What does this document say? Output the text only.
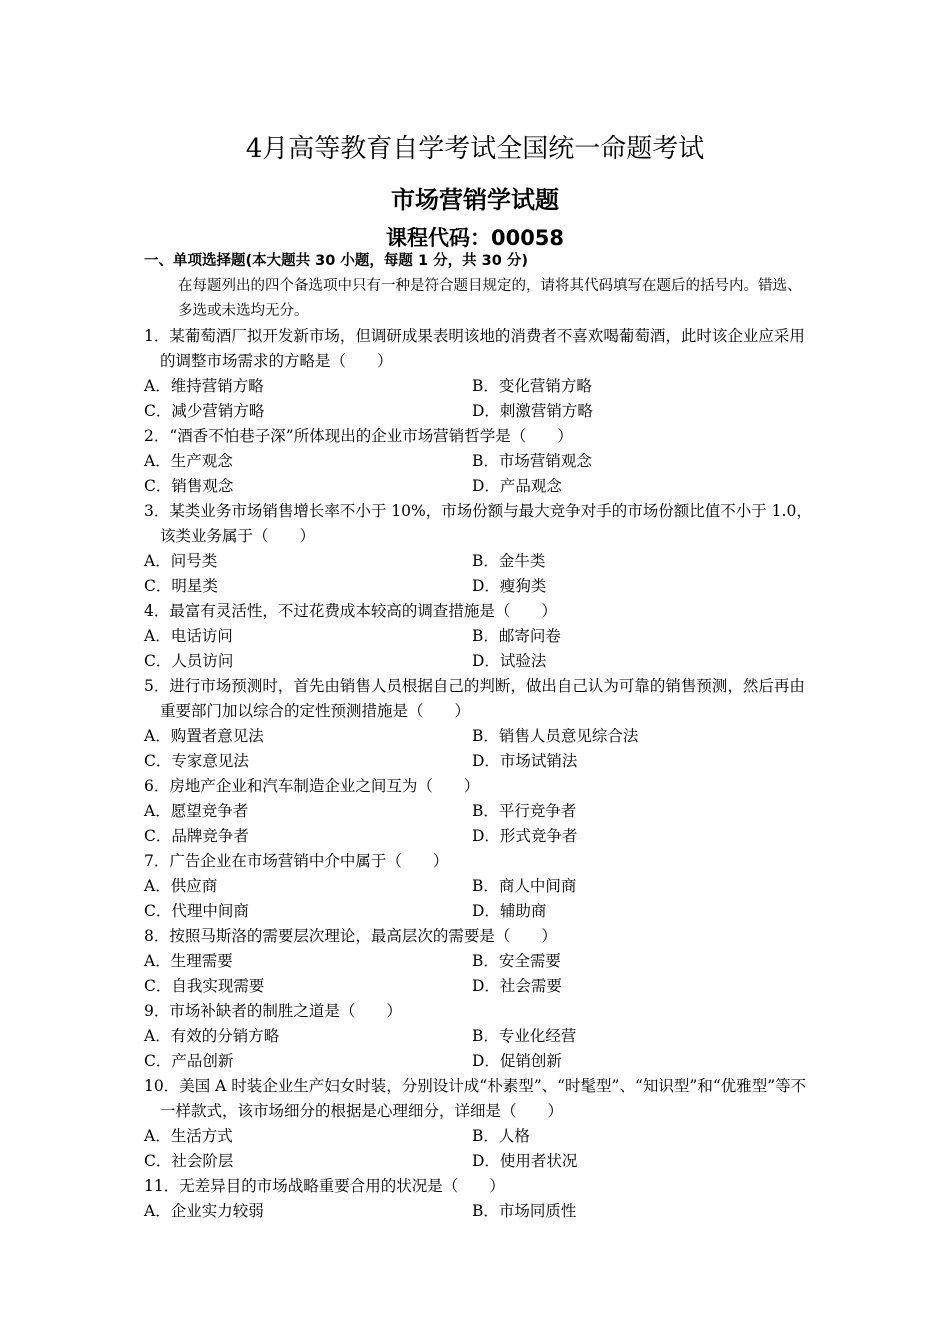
4月高等教育自学考试全国统一命题考试
市场营销学试题
课程代码：00058
一、单项选择题(本大题共 30 小题，每题 1 分，共 30 分)
在每题列出的四个备选项中只有一种是符合题目规定的，请将其代码填写在题后的括号内。错选、多选或未选均无分。
1．某葡萄酒厂拟开发新市场，但调研成果表明该地的消费者不喜欢喝葡萄酒，此时该企业应采用的调整市场需求的方略是（　　）
A．维持营销方略	B．变化营销方略
C．减少营销方略	D．刺激营销方略
2．“酒香不怕巷子深”所体现出的企业市场营销哲学是（　　）
A．生产观念	B．市场营销观念
C．销售观念	D．产品观念
3．某类业务市场销售增长率不小于 10%，市场份额与最大竞争对手的市场份额比值不小于 1.0，该类业务属于（　　）
A．问号类	B．金牛类
C．明星类	D．瘦狗类
4．最富有灵活性，不过花费成本较高的调查措施是（　　）
A．电话访问	B．邮寄问卷
C．人员访问	D．试验法
5．进行市场预测时，首先由销售人员根据自己的判断，做出自己认为可靠的销售预测，然后再由重要部门加以综合的定性预测措施是（　　）
A．购置者意见法	B．销售人员意见综合法
C．专家意见法	D．市场试销法
6．房地产企业和汽车制造企业之间互为（　　）
A．愿望竞争者	B．平行竞争者
C．品牌竞争者	D．形式竞争者
7．广告企业在市场营销中介中属于（　　）
A．供应商	B．商人中间商
C．代理中间商	D．辅助商
8．按照马斯洛的需要层次理论，最高层次的需要是（　　）
A．生理需要	B．安全需要
C．自我实现需要	D．社会需要
9．市场补缺者的制胜之道是（　　）
A．有效的分销方略	B．专业化经营
C．产品创新	D．促销创新
10．美国 A 时装企业生产妇女时装，分别设计成“朴素型”、“时髦型”、“知识型”和“优雅型”等不一样款式，该市场细分的根据是心理细分，详细是（　　）
A．生活方式	B．人格
C．社会阶层	D．使用者状况
11．无差异目的市场战略重要合用的状况是（　　）
A．企业实力较弱	B．市场同质性
